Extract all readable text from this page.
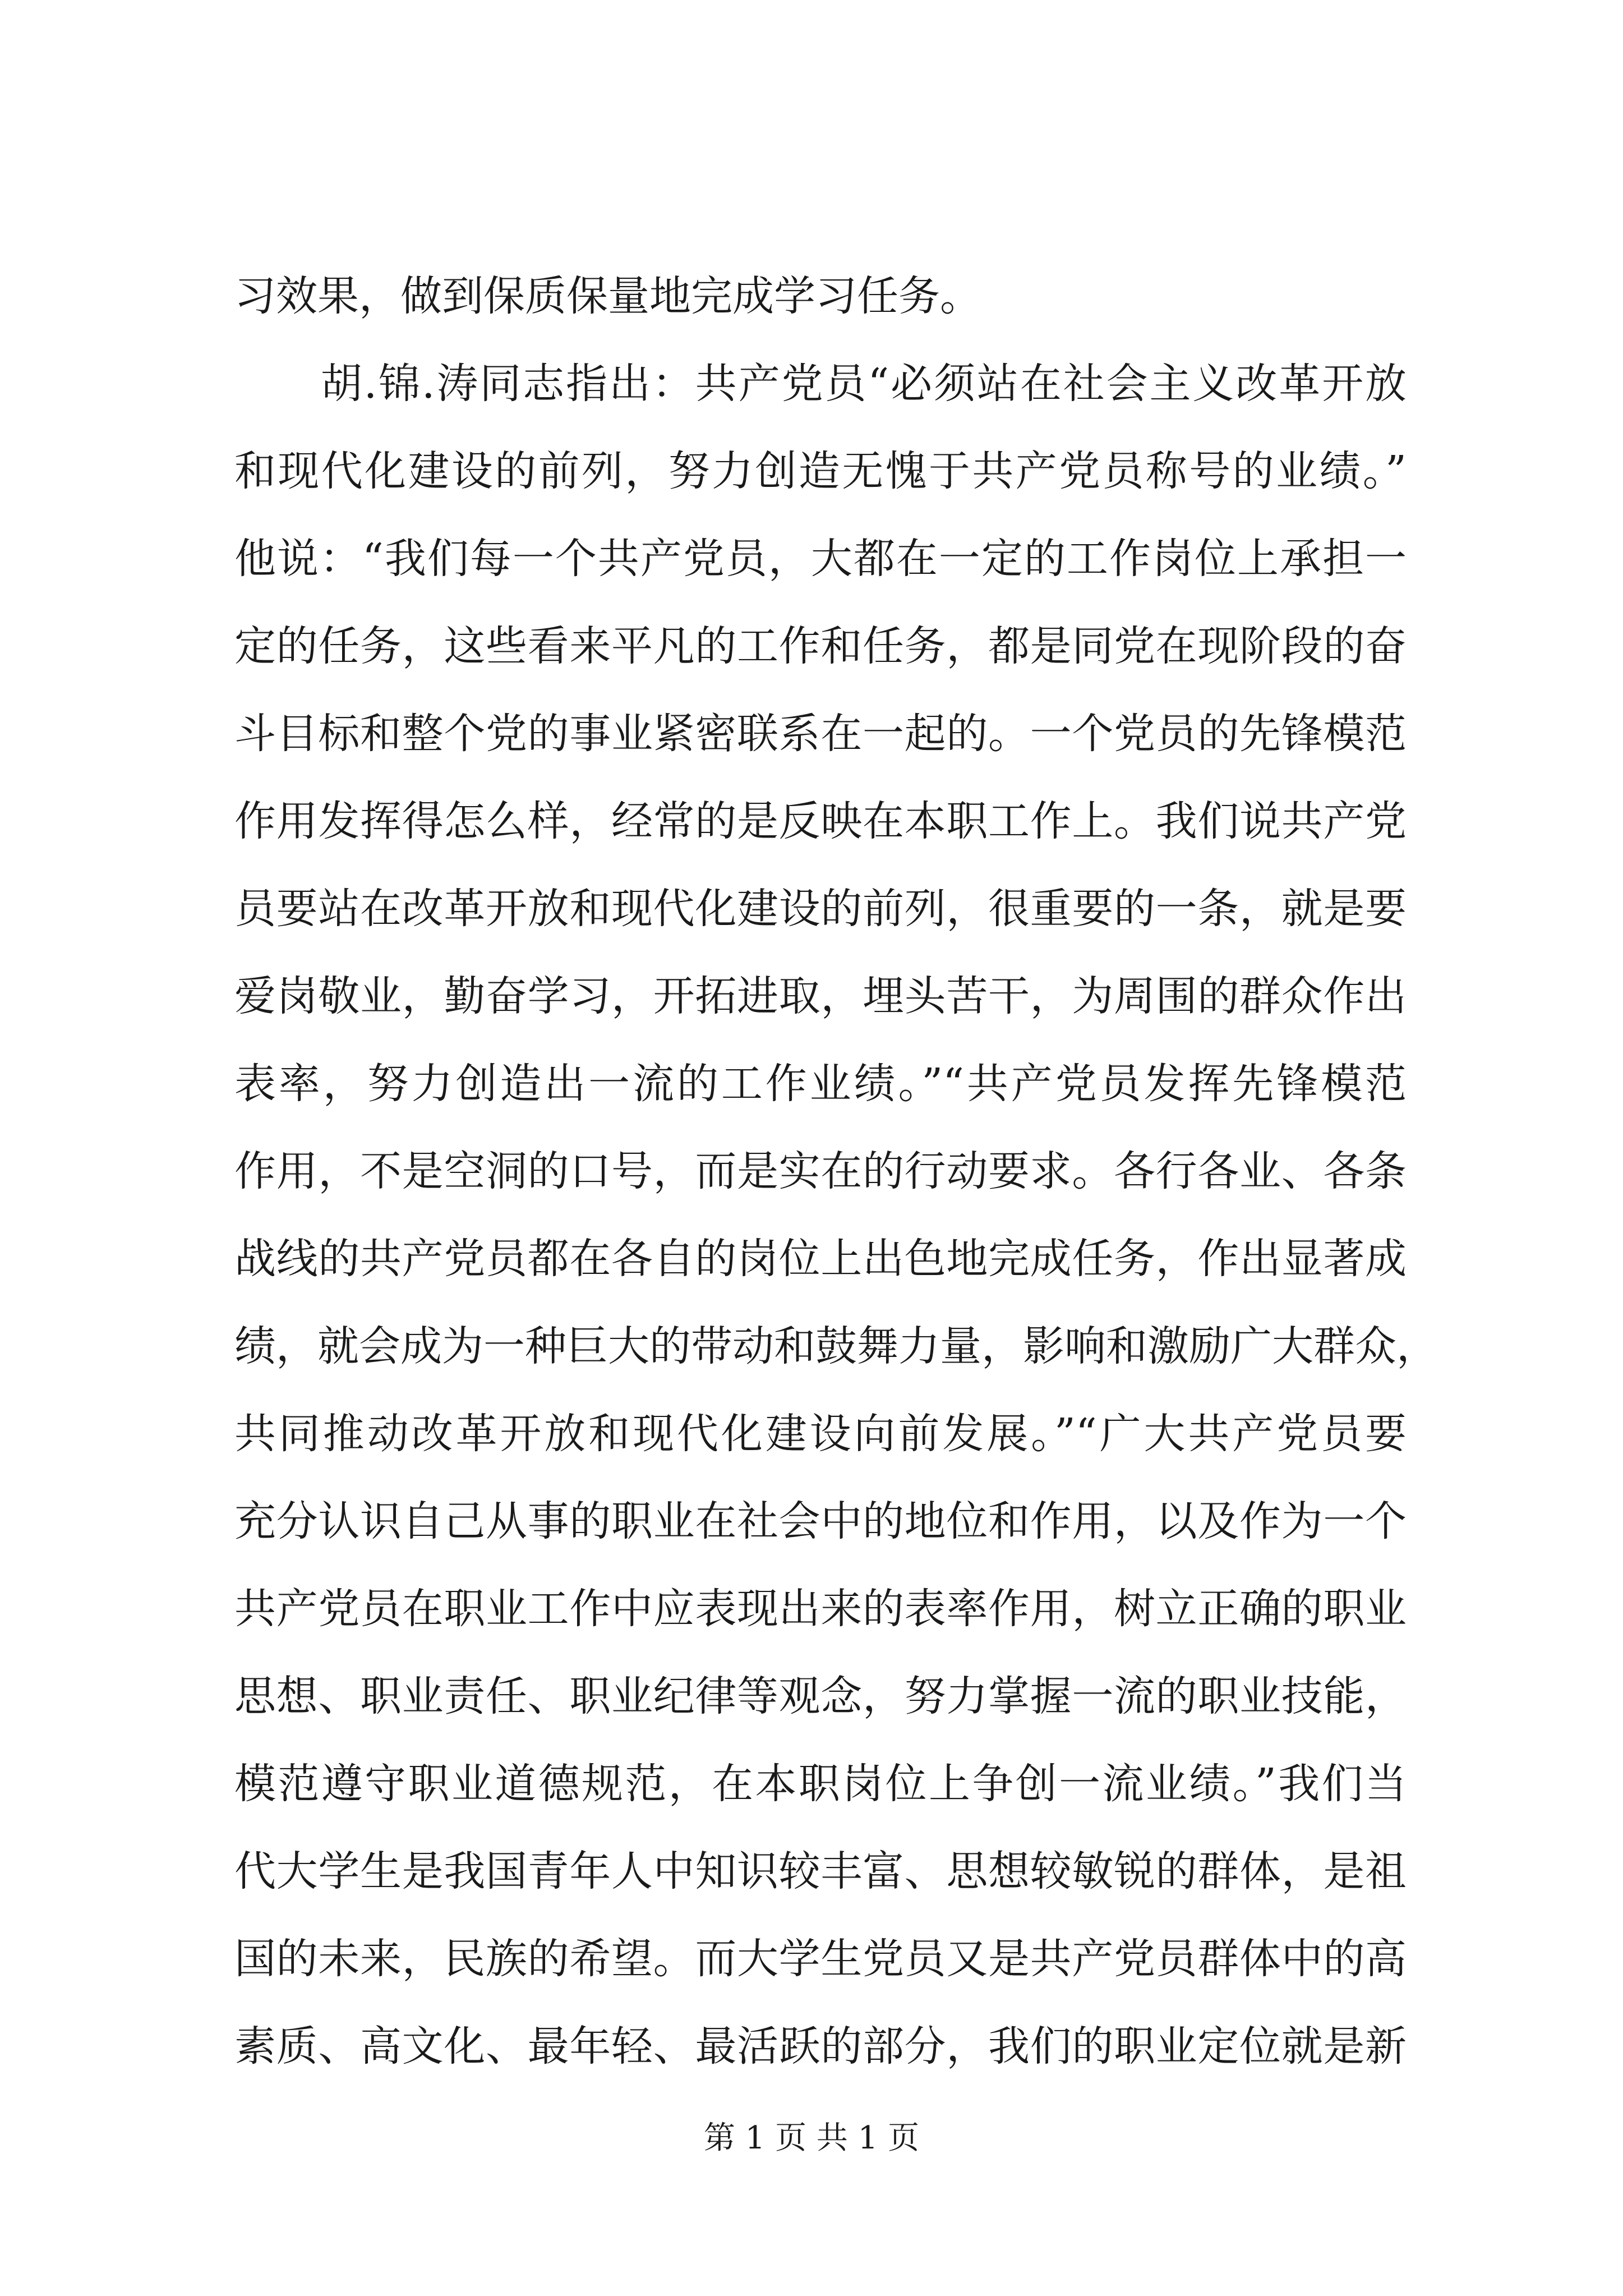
习效果，做到保质保量地完成学习任务。
　　胡.锦.涛同志指出：共产党员“必须站在社会主义改革开放
和现代化建设的前列，努力创造无愧于共产党员称号的业绩。”
他说：“我们每一个共产党员，大都在一定的工作岗位上承担一
定的任务，这些看来平凡的工作和任务，都是同党在现阶段的奋
斗目标和整个党的事业紧密联系在一起的。一个党员的先锋模范
作用发挥得怎么样，经常的是反映在本职工作上。我们说共产党
员要站在改革开放和现代化建设的前列，很重要的一条，就是要
爱岗敬业，勤奋学习，开拓进取，埋头苦干，为周围的群众作出
表率，努力创造出一流的工作业绩。”“共产党员发挥先锋模范
作用，不是空洞的口号，而是实在的行动要求。各行各业、各条
战线的共产党员都在各自的岗位上出色地完成任务，作出显著成
绩，就会成为一种巨大的带动和鼓舞力量，影响和激励广大群众，
共同推动改革开放和现代化建设向前发展。”“广大共产党员要
充分认识自己从事的职业在社会中的地位和作用，以及作为一个
共产党员在职业工作中应表现出来的表率作用，树立正确的职业
思想、职业责任、职业纪律等观念，努力掌握一流的职业技能，
模范遵守职业道德规范，在本职岗位上争创一流业绩。”我们当
代大学生是我国青年人中知识较丰富、思想较敏锐的群体，是祖
国的未来，民族的希望。而大学生党员又是共产党员群体中的高
素质、高文化、最年轻、最活跃的部分，我们的职业定位就是新
第 1 页 共 1 页
